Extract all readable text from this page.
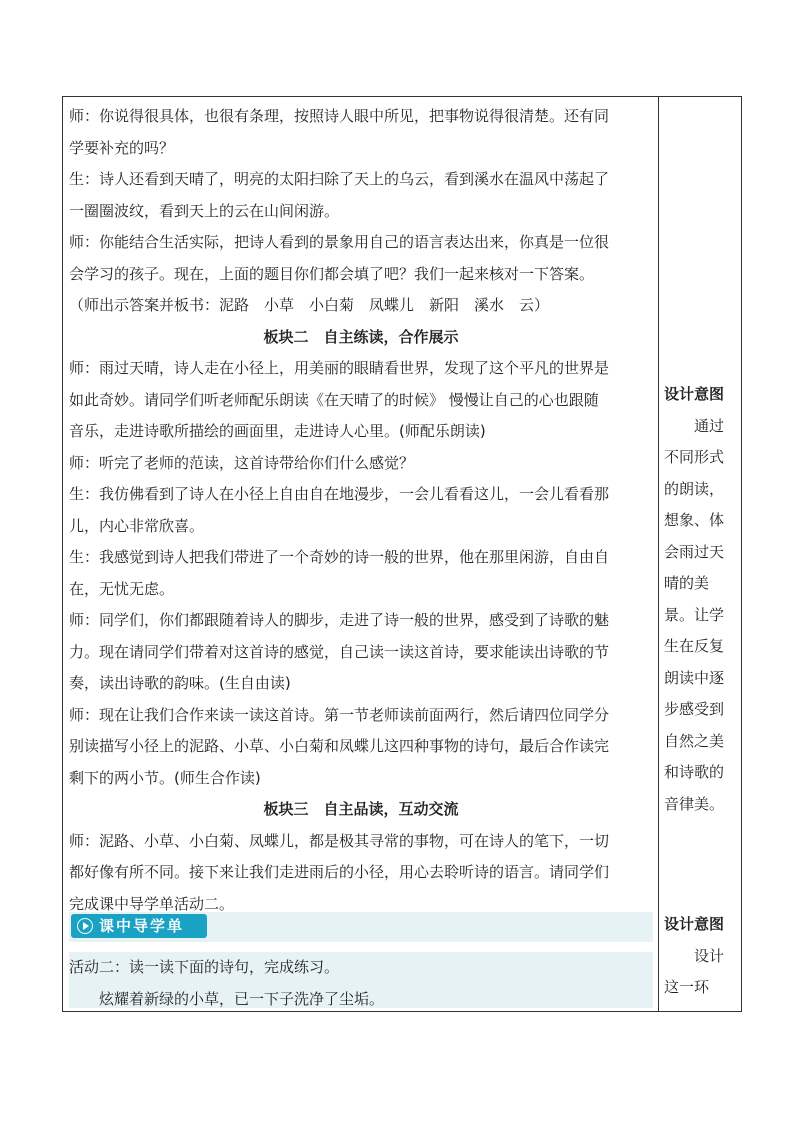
师：你说得很具体，也很有条理，按照诗人眼中所见，把事物说得很清楚。还有同
学要补充的吗？
生：诗人还看到天晴了，明亮的太阳扫除了天上的乌云，看到溪水在温风中荡起了
一圈圈波纹，看到天上的云在山间闲游。
师：你能结合生活实际，把诗人看到的景象用自己的语言表达出来，你真是一位很
会学习的孩子。现在，上面的题目你们都会填了吧？我们一起来核对一下答案。
（师出示答案并板书：泥路　小草　小白菊　凤蝶儿　新阳　溪水　云）
板块二　自主练读，合作展示
师：雨过天晴，诗人走在小径上，用美丽的眼睛看世界，发现了这个平凡的世界是
如此奇妙。请同学们听老师配乐朗读《在天晴了的时候》 慢慢让自己的心也跟随
音乐，走进诗歌所描绘的画面里，走进诗人心里。(师配乐朗读)
师：听完了老师的范读，这首诗带给你们什么感觉？
生：我仿佛看到了诗人在小径上自由自在地漫步，一会儿看看这儿，一会儿看看那
儿，内心非常欣喜。
生：我感觉到诗人把我们带进了一个奇妙的诗一般的世界，他在那里闲游，自由自
在，无忧无虑。
师：同学们，你们都跟随着诗人的脚步，走进了诗一般的世界，感受到了诗歌的魅
力。现在请同学们带着对这首诗的感觉，自己读一读这首诗，要求能读出诗歌的节
奏，读出诗歌的韵味。(生自由读)
师：现在让我们合作来读一读这首诗。第一节老师读前面两行，然后请四位同学分
别读描写小径上的泥路、小草、小白菊和凤蝶儿这四种事物的诗句，最后合作读完
剩下的两小节。(师生合作读)
板块三　自主品读，互动交流
师：泥路、小草、小白菊、凤蝶儿，都是极其寻常的事物，可在诗人的笔下，一切
都好像有所不同。接下来让我们走进雨后的小径，用心去聆听诗的语言。请同学们
完成课中导学单活动二。
课中导学单
活动二：读一读下面的诗句，完成练习。
　　炫耀着新绿的小草，已一下子洗净了尘垢。
设计意图
通过
不同形式
的朗读，
想象、体
会雨过天
晴的美
景。让学
生在反复
朗读中逐
步感受到
自然之美
和诗歌的
音律美。
设计意图
设计
这一环
